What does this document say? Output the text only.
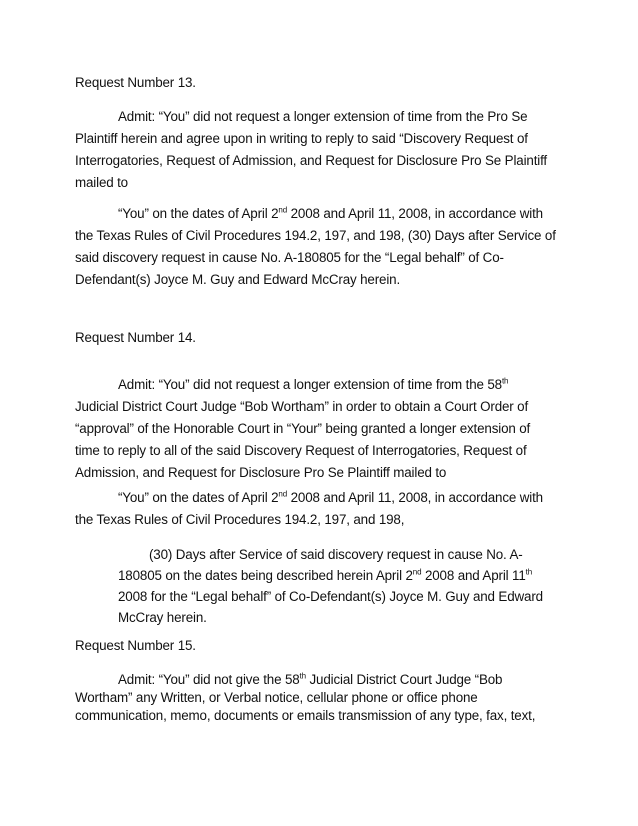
Request Number 13.

Admit: “You” did not request a longer extension of time from the Pro Se

Plaintiff herein and agree upon in writing to reply to said “Discovery Request of

Interrogatories, Request of Admission, and Request for Disclosure Pro Se Plaintiff

mailed to

“You” on the dates of April 2nd 2008 and April 11, 2008, in accordance with

the Texas Rules of Civil Procedures 194.2, 197, and 198, (30) Days after Service of

said discovery request in cause No. A-180805 for the “Legal behalf” of Co-

Defendant(s) Joyce M. Guy and Edward McCray herein.

Request Number 14.

Admit: “You” did not request a longer extension of time from the 58th

Judicial District Court Judge “Bob Wortham” in order to obtain a Court Order of

“approval” of the Honorable Court in “Your” being granted a longer extension of

time to reply to all of the said Discovery Request of Interrogatories, Request of

Admission, and Request for Disclosure Pro Se Plaintiff mailed to

“You” on the dates of April 2nd 2008 and April 11, 2008, in accordance with

the Texas Rules of Civil Procedures 194.2, 197, and 198,

(30) Days after Service of said discovery request in cause No. A-

180805 on the dates being described herein April 2nd 2008 and April 11th

2008 for the “Legal behalf” of Co-Defendant(s) Joyce M. Guy and Edward

McCray herein.

Request Number 15.

Admit: “You” did not give the 58th Judicial District Court Judge “Bob

Wortham” any Written, or Verbal notice, cellular phone or office phone

communication, memo, documents or emails transmission of any type, fax, text,
